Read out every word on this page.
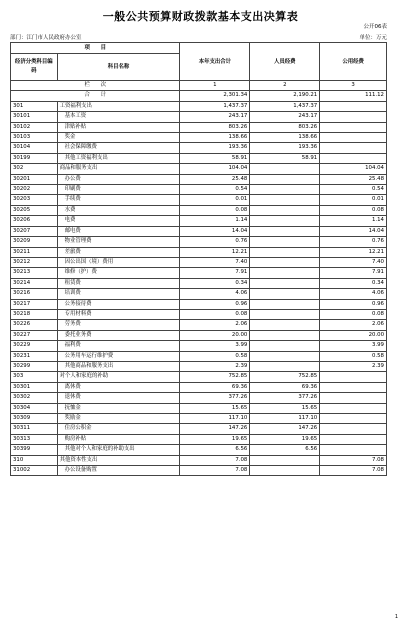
一般公共预算财政拨款基本支出决算表
公开06表
部门：江门市人民政府办公室	单位：万元
项　　目		本年支出合计	人员经费	公用经费
经济分类科目编码	科目名称			
栏　　次		1	2	3
合　　计		2,301.34	2,190.21	111.12
301	工资福利支出	1,437.37	1,437.37	
30101	基本工资	243.17	243.17	
30102	津贴补贴	803.26	803.26	
30103	奖金	138.66	138.66	
30104	社会保障缴费	193.36	193.36	
30199	其他工资福利支出	58.91	58.91	
302	商品和服务支出	104.04		104.04
30201	办公费	25.48		25.48
30202	印刷费	0.54		0.54
30203	手续费	0.01		0.01
30205	水费	0.08		0.08
30206	电费	1.14		1.14
30207	邮电费	14.04		14.04
30209	物业管理费	0.76		0.76
30211	差旅费	12.21		12.21
30212	因公出国（境）费用	7.40		7.40
30213	维修（护）费	7.91		7.91
30214	租赁费	0.34		0.34
30216	培训费	4.06		4.06
30217	公务接待费	0.96		0.96
30218	专用材料费	0.08		0.08
30226	劳务费	2.06		2.06
30227	委托业务费	20.00		20.00
30229	福利费	3.99		3.99
30231	公务用车运行维护费	0.58		0.58
30299	其他商品和服务支出	2.39		2.39
303	对个人和家庭的补助	752.85	752.85	
30301	离休费	69.36	69.36	
30302	退休费	377.26	377.26	
30304	抚恤金	15.65	15.65	
30309	奖励金	117.10	117.10	
30311	住房公积金	147.26	147.26	
30313	购房补贴	19.65	19.65	
30399	其他对个人和家庭的补助支出	6.56	6.56	
310	其他资本性支出	7.08		7.08
31002	办公设备购置	7.08		7.08
1
